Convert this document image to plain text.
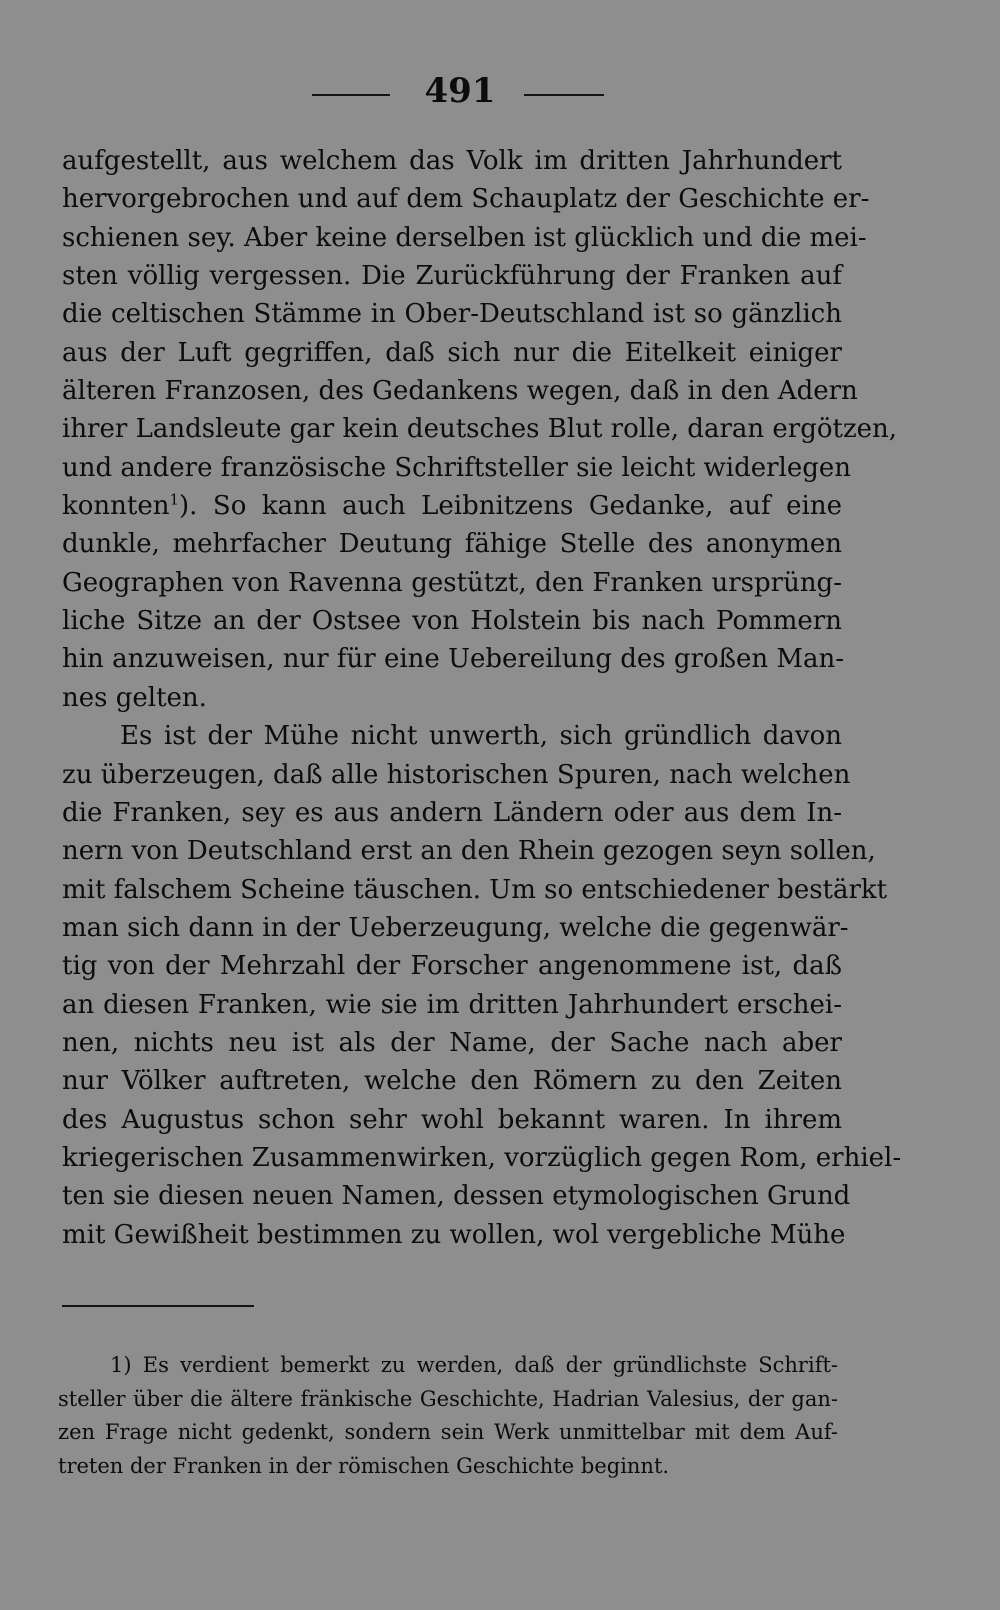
491
aufgestellt, aus welchem das Volk im dritten Jahrhundert
hervorgebrochen und auf dem Schauplatz der Geschichte er-
schienen sey. Aber keine derselben ist glücklich und die mei-
sten völlig vergessen. Die Zurückführung der Franken auf
die celtischen Stämme in Ober-Deutschland ist so gänzlich
aus der Luft gegriffen, daß sich nur die Eitelkeit einiger
älteren Franzosen, des Gedankens wegen, daß in den Adern
ihrer Landsleute gar kein deutsches Blut rolle, daran ergötzen,
und andere französische Schriftsteller sie leicht widerlegen
konnten$^1$). So kann auch Leibnitzens Gedanke, auf eine
dunkle, mehrfacher Deutung fähige Stelle des anonymen
Geographen von Ravenna gestützt, den Franken ursprüng-
liche Sitze an der Ostsee von Holstein bis nach Pommern
hin anzuweisen, nur für eine Uebereilung des großen Man-
nes gelten.
Es ist der Mühe nicht unwerth, sich gründlich davon
zu überzeugen, daß alle historischen Spuren, nach welchen
die Franken, sey es aus andern Ländern oder aus dem In-
nern von Deutschland erst an den Rhein gezogen seyn sollen,
mit falschem Scheine täuschen. Um so entschiedener bestärkt
man sich dann in der Ueberzeugung, welche die gegenwär-
tig von der Mehrzahl der Forscher angenommene ist, daß
an diesen Franken, wie sie im dritten Jahrhundert erschei-
nen, nichts neu ist als der Name, der Sache nach aber
nur Völker auftreten, welche den Römern zu den Zeiten
des Augustus schon sehr wohl bekannt waren. In ihrem
kriegerischen Zusammenwirken, vorzüglich gegen Rom, erhiel-
ten sie diesen neuen Namen, dessen etymologischen Grund
mit Gewißheit bestimmen zu wollen, wol vergebliche Mühe
1) Es verdient bemerkt zu werden, daß der gründlichste Schrift-
steller über die ältere fränkische Geschichte, Hadrian Valesius, der gan-
zen Frage nicht gedenkt, sondern sein Werk unmittelbar mit dem Auf-
treten der Franken in der römischen Geschichte beginnt.
